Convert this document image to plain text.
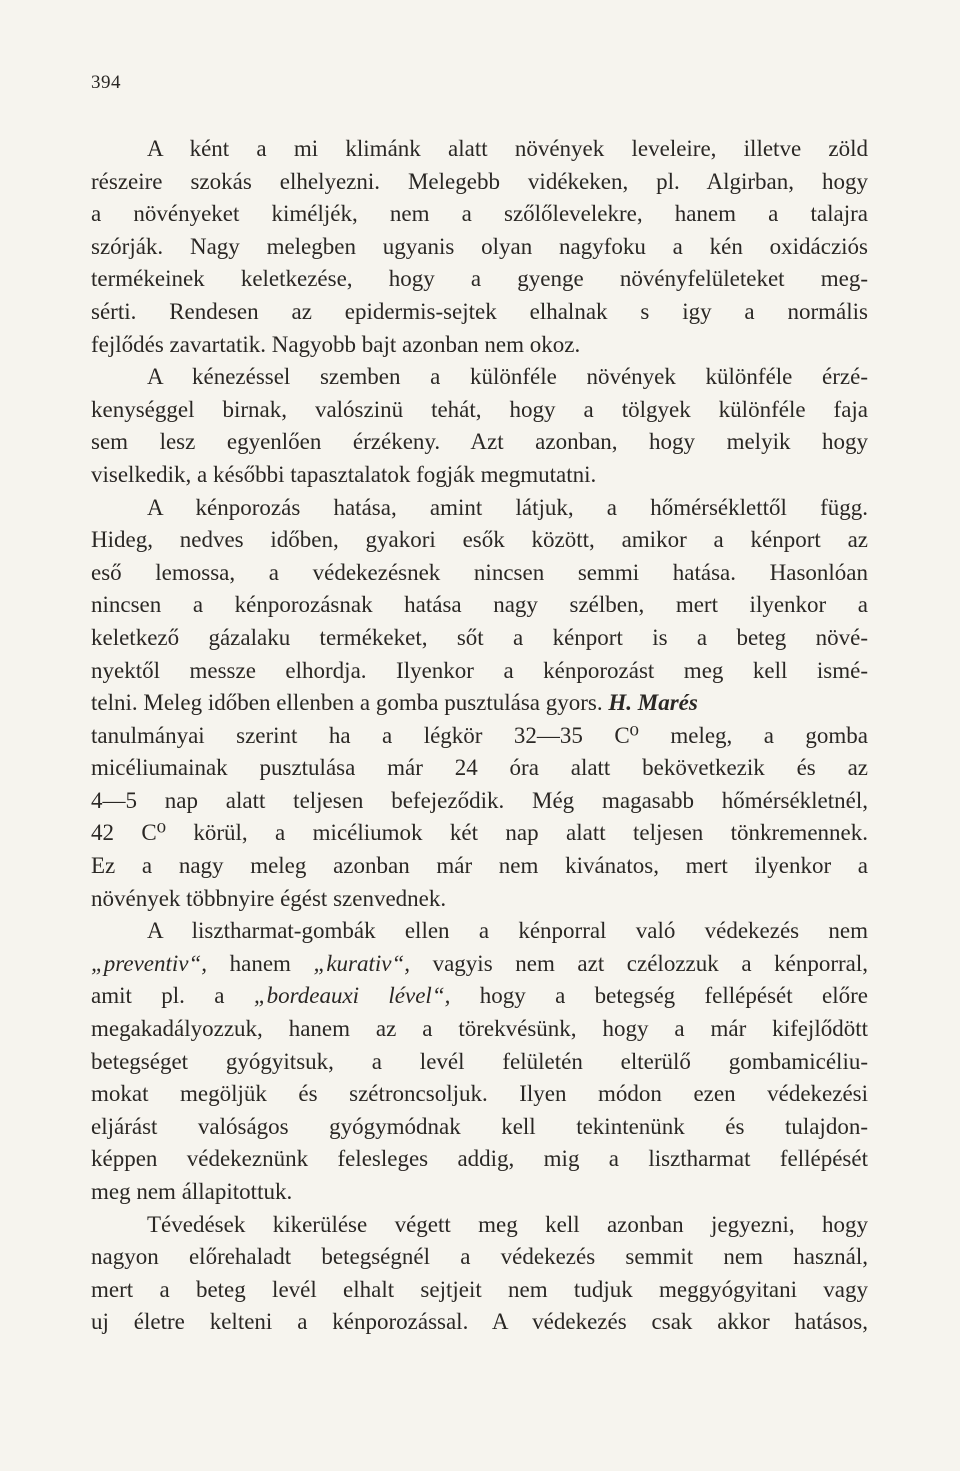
394
A ként a mi klimánk alatt növények leveleire, illetve zöld
részeire szokás elhelyezni. Melegebb vidékeken, pl. Algirban, hogy
a növényeket kiméljék, nem a szőlőlevelekre, hanem a talajra
szórják. Nagy melegben ugyanis olyan nagyfoku a kén oxidácziós
termékeinek keletkezése, hogy a gyenge növényfelületeket meg-
sérti. Rendesen az epidermis-sejtek elhalnak s igy a normális
fejlődés zavartatik. Nagyobb bajt azonban nem okoz.
A kénezéssel szemben a különféle növények különféle érzé-
kenységgel birnak, valószinü tehát, hogy a tölgyek különféle faja
sem lesz egyenlően érzékeny. Azt azonban, hogy melyik hogy
viselkedik, a későbbi tapasztalatok fogják megmutatni.
A kénporozás hatása, amint látjuk, a hőmérséklettől függ.
Hideg, nedves időben, gyakori esők között, amikor a kénport az
eső lemossa, a védekezésnek nincsen semmi hatása. Hasonlóan
nincsen a kénporozásnak hatása nagy szélben, mert ilyenkor a
keletkező gázalaku termékeket, sőt a kénport is a beteg növé-
nyektől messze elhordja. Ilyenkor a kénporozást meg kell ismé-
telni. Meleg időben ellenben a gomba pusztulása gyors. H. Marés
tanulmányai szerint ha a légkör 32—35 C⁰ meleg, a gomba
micéliumainak pusztulása már 24 óra alatt bekövetkezik és az
4—5 nap alatt teljesen befejeződik. Még magasabb hőmérsékletnél,
42 C⁰ körül, a micéliumok két nap alatt teljesen tönkremennek.
Ez a nagy meleg azonban már nem kivánatos, mert ilyenkor a
növények többnyire égést szenvednek.
A lisztharmat-gombák ellen a kénporral való védekezés nem
„preventiv“, hanem „kurativ“, vagyis nem azt czélozzuk a kénporral,
amit pl. a „bordeauxi lével“, hogy a betegség fellépését előre
megakadályozzuk, hanem az a törekvésünk, hogy a már kifejlődött
betegséget gyógyitsuk, a levél felületén elterülő gombamicéliu-
mokat megöljük és szétroncsoljuk. Ilyen módon ezen védekezési
eljárást valóságos gyógymódnak kell tekintenünk és tulajdon-
képpen védekeznünk felesleges addig, mig a lisztharmat fellépését
meg nem állapitottuk.
Tévedések kikerülése végett meg kell azonban jegyezni, hogy
nagyon előrehaladt betegségnél a védekezés semmit nem használ,
mert a beteg levél elhalt sejtjeit nem tudjuk meggyógyitani vagy
uj életre kelteni a kénporozással. A védekezés csak akkor hatásos,
